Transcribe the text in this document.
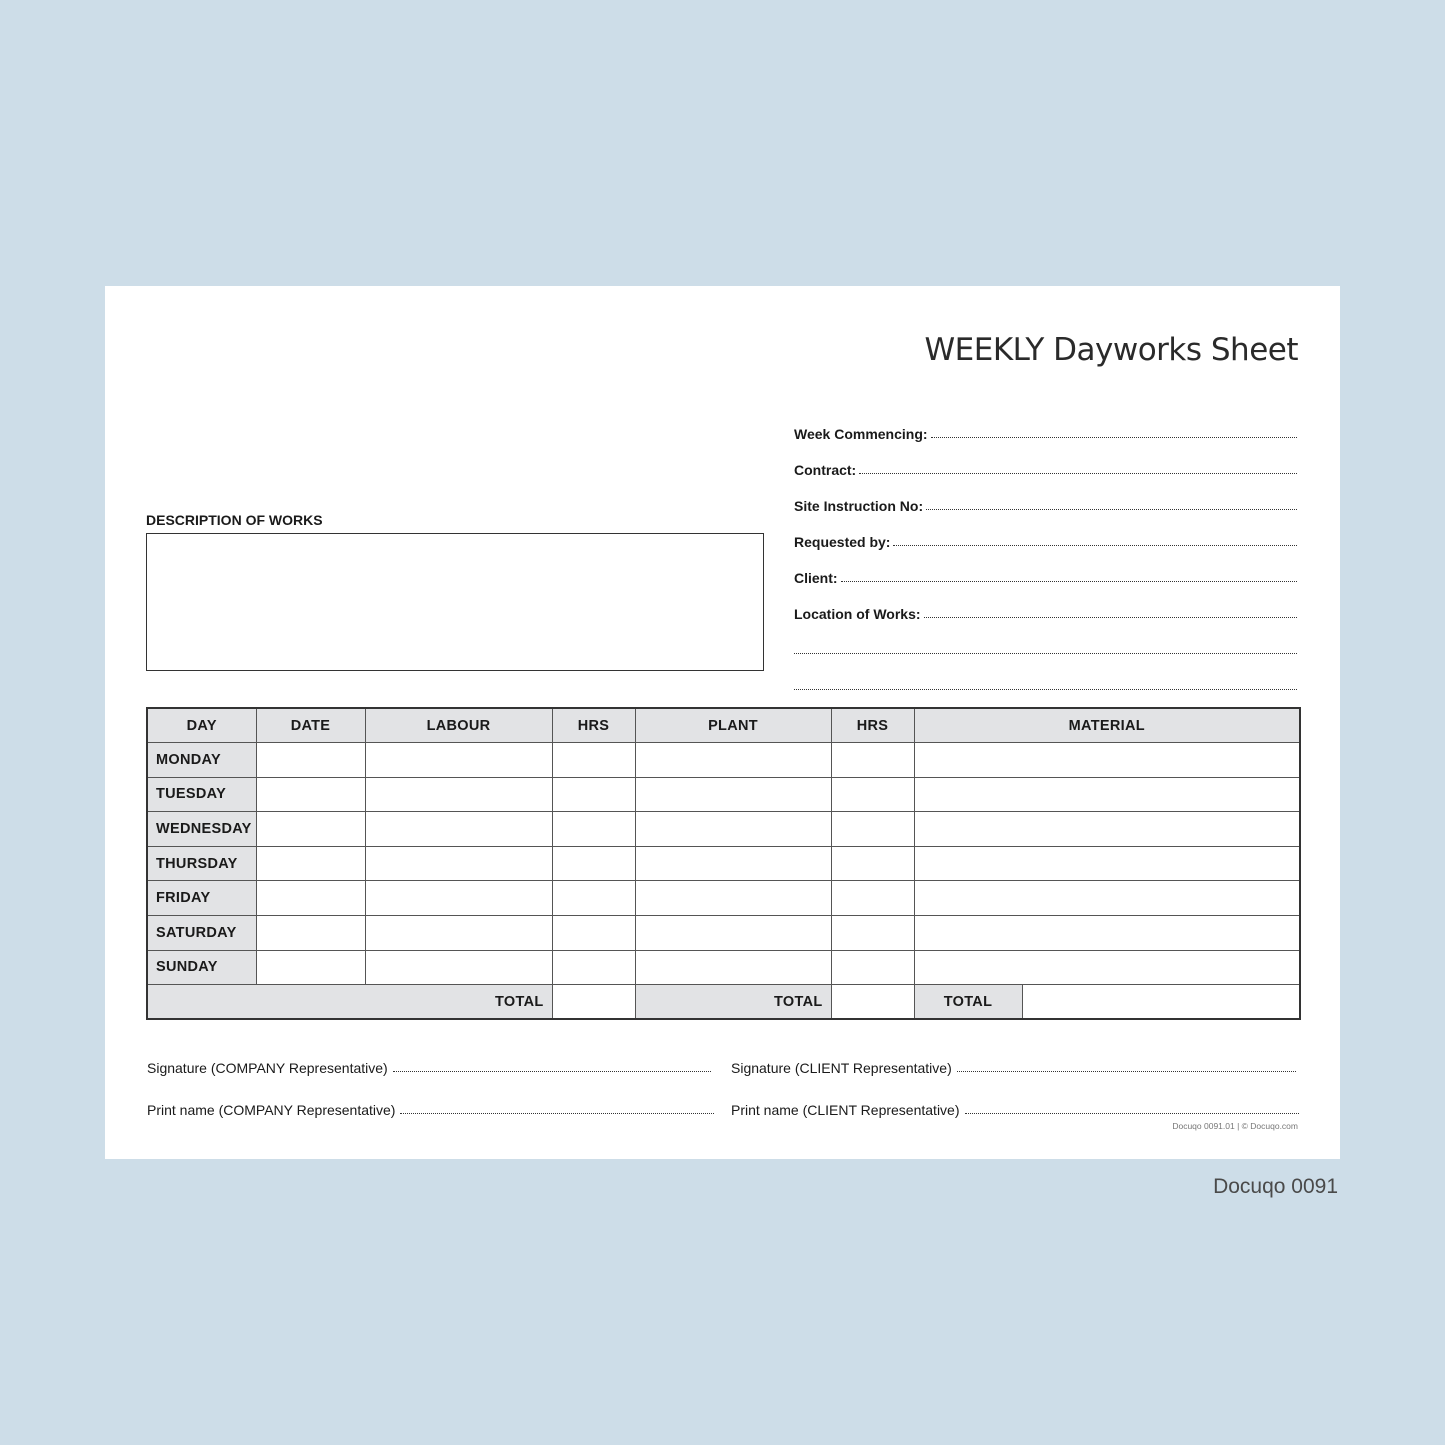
WEEKLY Dayworks Sheet
Week Commencing:
Contract:
Site Instruction No:
Requested by:
Client:
Location of Works:
DESCRIPTION OF WORKS
DAY	DATE	LABOUR	HRS	PLANT	HRS	MATERIAL	
MONDAY							
TUESDAY							
WEDNESDAY							
THURSDAY							
FRIDAY							
SATURDAY							
SUNDAY							
TOTAL				TOTAL		TOTAL	
Signature (COMPANY Representative)	Signature (CLIENT Representative)
Print name (COMPANY Representative)	Print name (CLIENT Representative)
Docuqo 0091.01 | © Docuqo.com
Docuqo 0091
